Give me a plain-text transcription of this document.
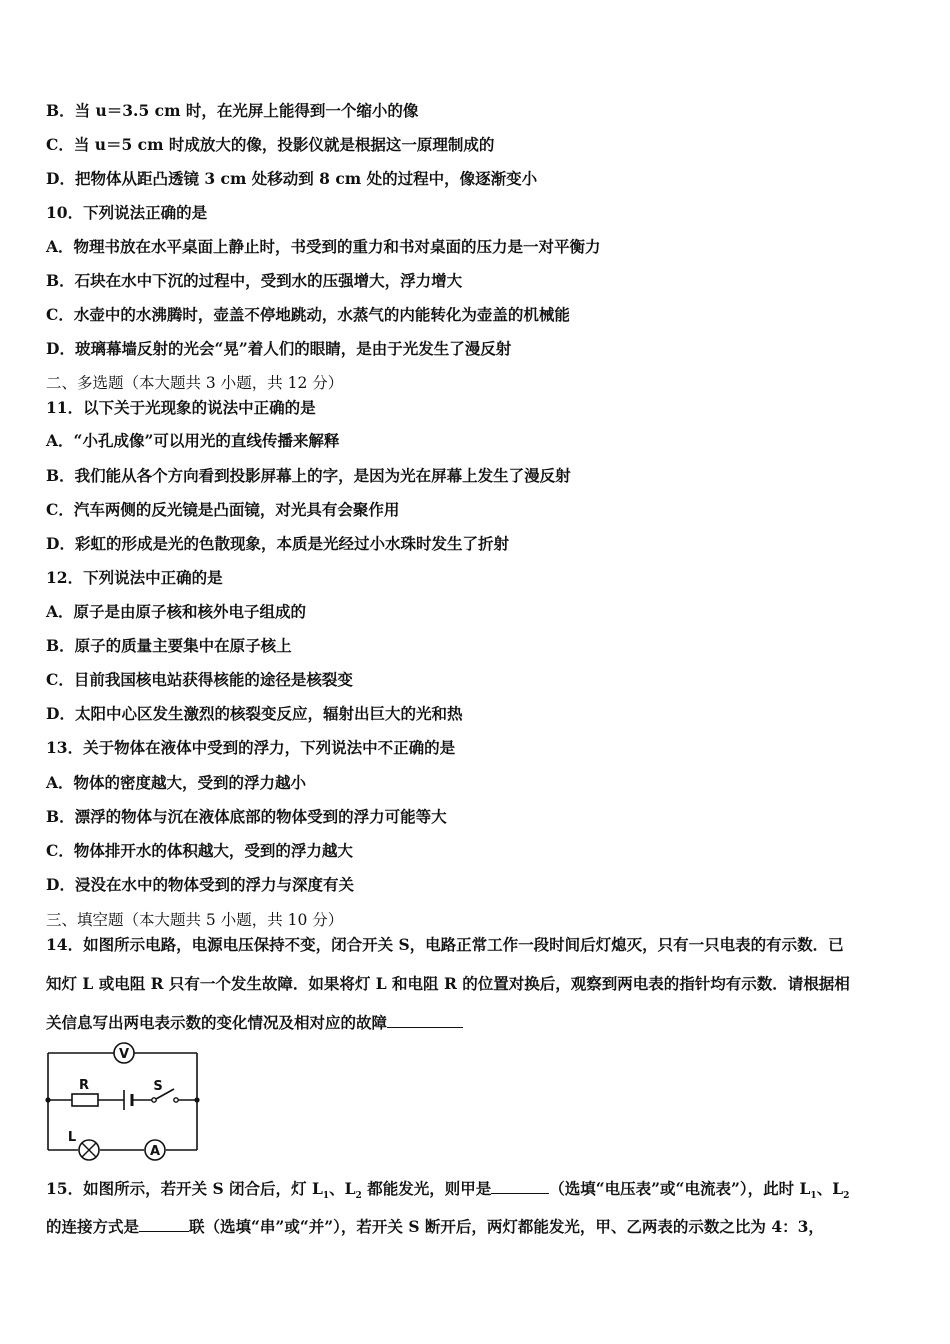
B．当 u＝3.5 cm 时，在光屏上能得到一个缩小的像
C．当 u＝5 cm 时成放大的像，投影仪就是根据这一原理制成的
D．把物体从距凸透镜 3 cm 处移动到 8 cm 处的过程中，像逐渐变小
10．下列说法正确的是
A．物理书放在水平桌面上静止时，书受到的重力和书对桌面的压力是一对平衡力
B．石块在水中下沉的过程中，受到水的压强增大，浮力增大
C．水壶中的水沸腾时，壶盖不停地跳动，水蒸气的内能转化为壶盖的机械能
D．玻璃幕墙反射的光会“晃”着人们的眼睛，是由于光发生了漫反射
二、多选题（本大题共 3 小题，共 12 分）
11．以下关于光现象的说法中正确的是
A．“小孔成像”可以用光的直线传播来解释
B．我们能从各个方向看到投影屏幕上的字，是因为光在屏幕上发生了漫反射
C．汽车两侧的反光镜是凸面镜，对光具有会聚作用
D．彩虹的形成是光的色散现象，本质是光经过小水珠时发生了折射
12．下列说法中正确的是
A．原子是由原子核和核外电子组成的
B．原子的质量主要集中在原子核上
C．目前我国核电站获得核能的途径是核裂变
D．太阳中心区发生激烈的核裂变反应，辐射出巨大的光和热
13．关于物体在液体中受到的浮力，下列说法中不正确的是
A．物体的密度越大，受到的浮力越小
B．漂浮的物体与沉在液体底部的物体受到的浮力可能等大
C．物体排开水的体积越大，受到的浮力越大
D．浸没在水中的物体受到的浮力与深度有关
三、填空题（本大题共 5 小题，共 10 分）
14．如图所示电路，电源电压保持不变，闭合开关 S，电路正常工作一段时间后灯熄灭，只有一只电表的有示数．已
知灯 L 或电阻 R 只有一个发生故障．如果将灯 L 和电阻 R 的位置对换后，观察到两电表的指针均有示数．请根据相
关信息写出两电表示数的变化情况及相对应的故障
V
R	S
L
A
15．如图所示，若开关 S 闭合后，灯 $L_1$、$L_2$ 都能发光，则甲是	（选填“电压表”或“电流表”），此时 $L_1$、$L_2$
的连接方式是	联（选填“串”或“并”），若开关 S 断开后，两灯都能发光，甲、乙两表的示数之比为 4：3，
